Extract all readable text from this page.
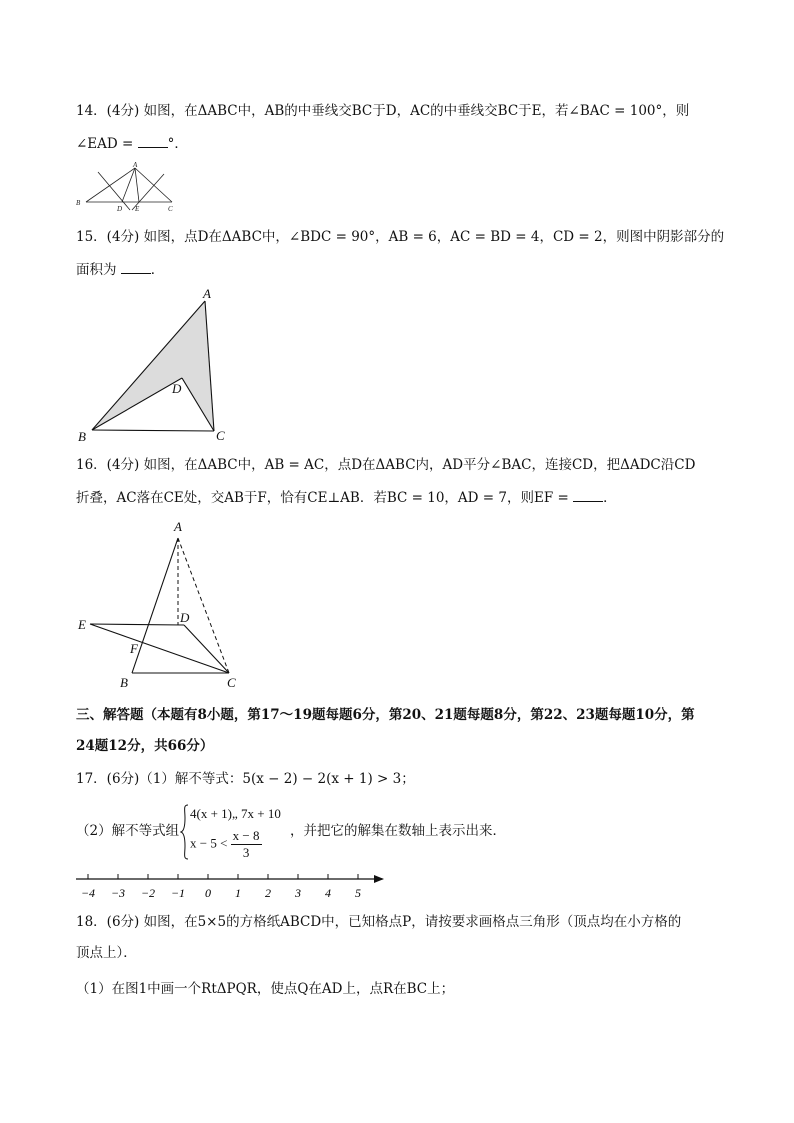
14．(4分) 如图，在ΔABC中，AB的中垂线交BC于D，AC的中垂线交BC于E，若∠BAC = 100°，则
∠EAD = °．
A
B
C
D E
15．(4分) 如图，点D在ΔABC中，∠BDC = 90°，AB = 6，AC = BD = 4，CD = 2，则图中阴影部分的
面积为 ．
A
B	C
D
16．(4分) 如图，在ΔABC中，AB = AC，点D在ΔABC内，AD平分∠BAC，连接CD，把ΔADC沿CD
折叠，AC落在CE处，交AB于F，恰有CE⊥AB．若BC = 10，AD = 7，则EF = ．
A
B	C
D
E
F
三、解答题（本题有8小题，第17～19题每题6分，第20、21题每题8分，第22、23题每题10分，第
24题12分，共66分）
17．(6分)（1）解不等式：5(x − 2) − 2(x + 1) > 3；
（2）解不等式组
4(x + 1)„ 7x + 10
$x - 5 < \frac{x - 8}{3}$ ，并把它的解集在数轴上表示出来．
−4 −3 −2 −1 0 1 2 3 4 5
18．(6分) 如图，在5×5的方格纸ABCD中，已知格点P，请按要求画格点三角形（顶点均在小方格的
顶点上）．
（1）在图1中画一个RtΔPQR，使点Q在AD上，点R在BC上；
